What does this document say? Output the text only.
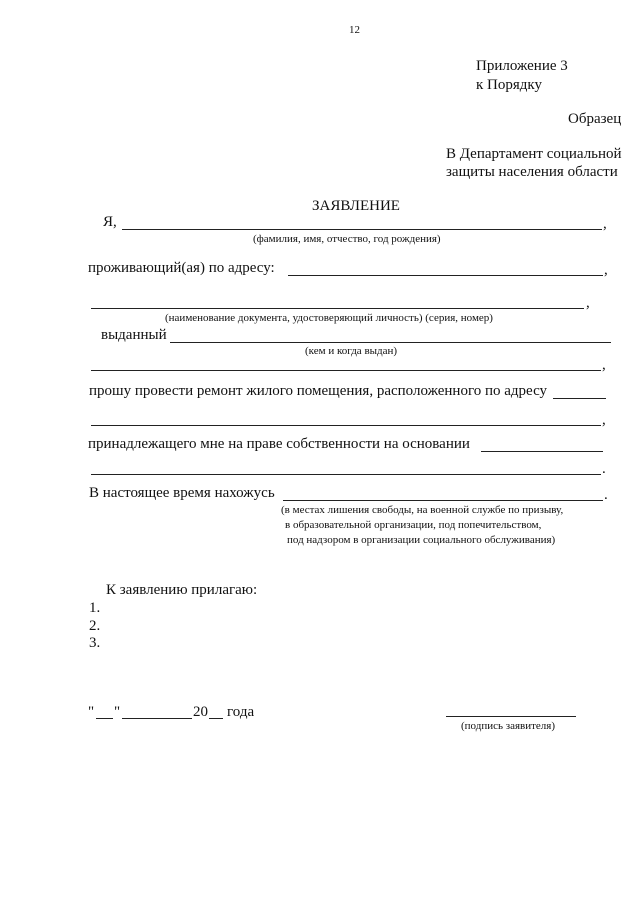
12
Приложение 3
к Порядку
Образец
В Департамент социальной
защиты населения области
ЗАЯВЛЕНИЕ
Я,	,
(фамилия, имя, отчество, год рождения)
проживающий(ая) по адресу:	,
,
(наименование документа, удостоверяющий личность) (серия, номер)
выданный
(кем и когда выдан)
,
прошу провести ремонт жилого помещения, расположенного по адресу
,
принадлежащего мне на праве собственности на основании
.
В настоящее время нахожусь	.
(в местах лишения свободы, на военной службе по призыву,
в образовательной организации, под попечительством,
под надзором в организации социального обслуживания)
К заявлению прилагаю:
1.
2.
3.
" "	20 года
(подпись заявителя)
